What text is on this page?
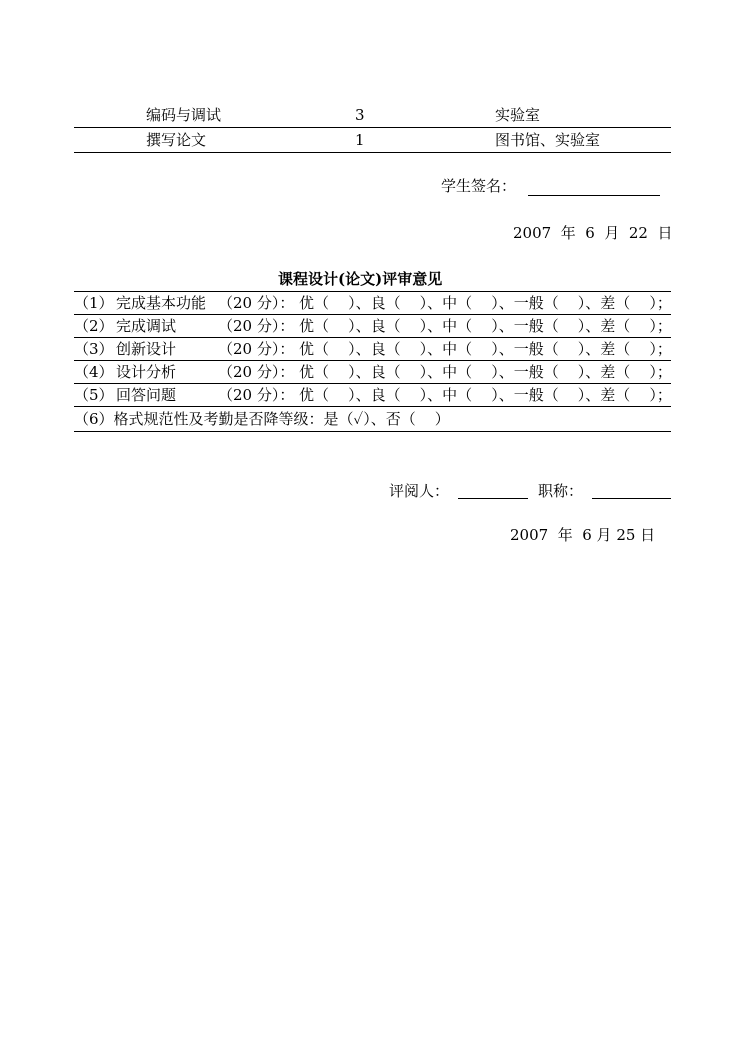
编码与调试	3	实验室
撰写论文	1	图书馆、实验室
学生签名：
2007  年  6  月  22  日
课程设计(论文)评审意见
（1） 完成基本功能 （20 分）： 优（    ）、良（    ）、中（    ）、一般（    ）、差（    ）；
（2） 完成调试	（20 分）： 优（    ）、良（    ）、中（    ）、一般（    ）、差（    ）；
（3） 创新设计	（20 分）： 优（    ）、良（    ）、中（    ）、一般（    ）、差（    ）；
（4） 设计分析	（20 分）： 优（    ）、良（    ）、中（    ）、一般（    ）、差（    ）；
（5） 回答问题	（20 分）： 优（    ）、良（    ）、中（    ）、一般（    ）、差（    ）；
（6）格式规范性及考勤是否降等级：是（✓）、否（    ）
评阅人：	职称：
2007  年  6 月 25 日
